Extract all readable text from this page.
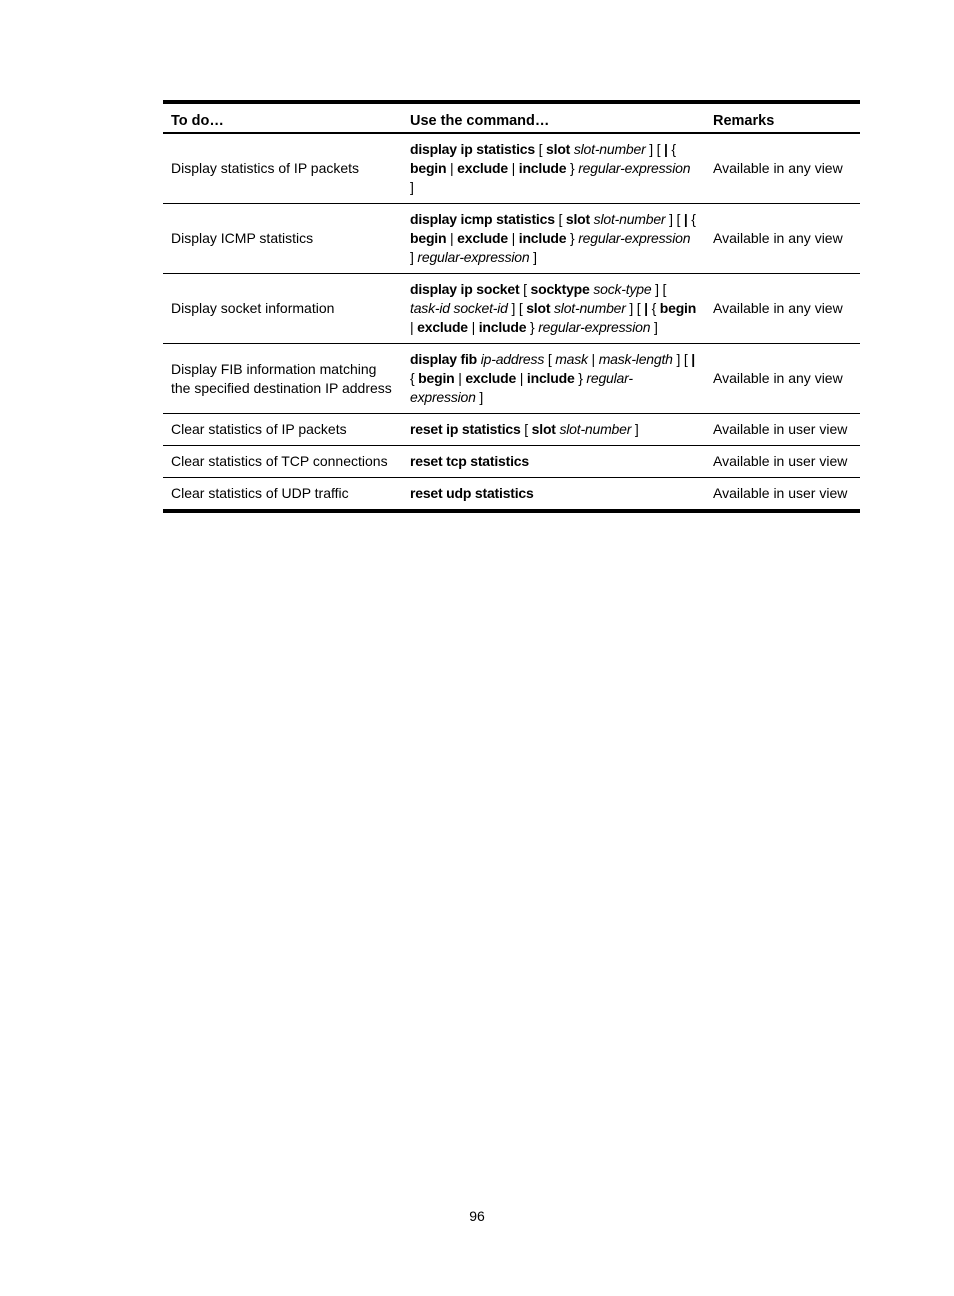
To do…	Use the command…	Remarks
Display statistics of IP packets	display ip statistics [ slot slot-number ] [ | { begin | exclude | include } regular-expression ]	Available in any view
Display ICMP statistics	display icmp statistics [ slot slot-number ] [ | { begin | exclude | include } regular-expression ] regular-expression ]	Available in any view
Display socket information	display ip socket [ socktype sock-type ] [ task-id socket-id ] [ slot slot-number ] [ | { begin | exclude | include } regular-expression ]	Available in any view
Display FIB information matching the specified destination IP address	display fib ip-address [ mask | mask-length ] [ | { begin | exclude | include } regular-expression ]	Available in any view
Clear statistics of IP packets	reset ip statistics [ slot slot-number ]	Available in user view
Clear statistics of TCP connections	reset tcp statistics	Available in user view
Clear statistics of UDP traffic	reset udp statistics	Available in user view
96
